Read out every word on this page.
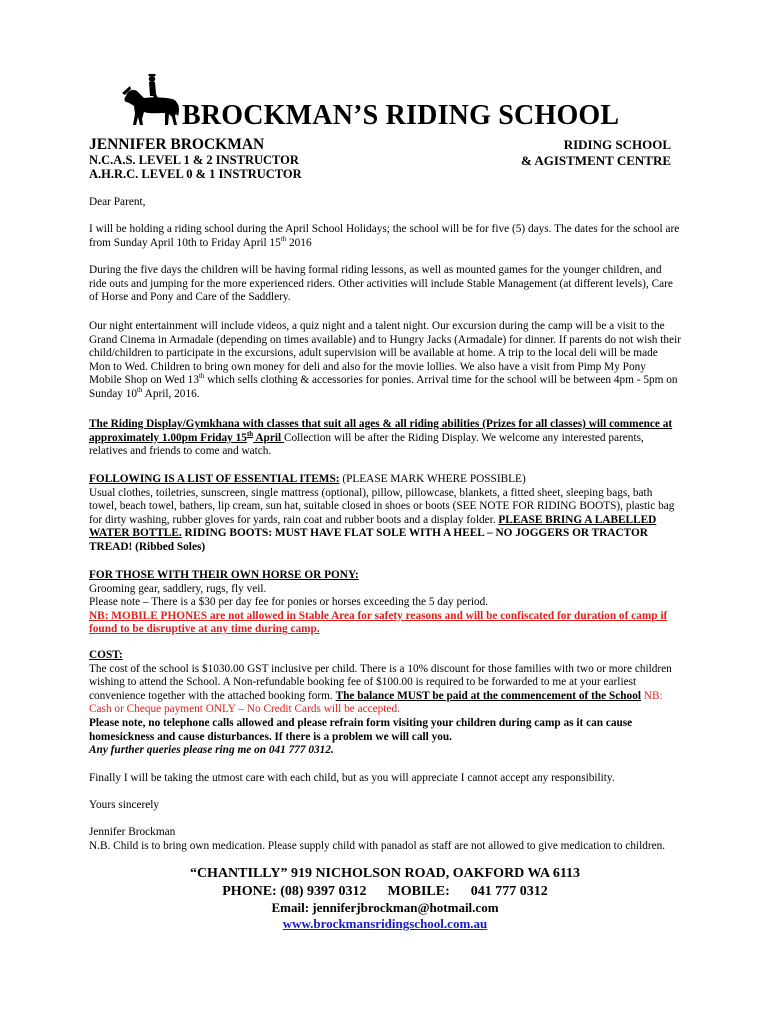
BROCKMAN’S RIDING SCHOOL
JENNIFER BROCKMAN
N.C.A.S. LEVEL 1 & 2 INSTRUCTOR
A.H.R.C. LEVEL 0 & 1 INSTRUCTOR
RIDING SCHOOL
& AGISTMENT CENTRE
Dear Parent,

I will be holding a riding school during the April School Holidays; the school will be for five (5) days. The dates for the school are from Sunday April 10th to Friday April 15th 2016

During the five days the children will be having formal riding lessons, as well as mounted games for the younger children, and ride outs and jumping for the more experienced riders. Other activities will include Stable Management (at different levels), Care of Horse and Pony and Care of the Saddlery.

Our night entertainment will include videos, a quiz night and a talent night. Our excursion during the camp will be a visit to the Grand Cinema in Armadale (depending on times available) and to Hungry Jacks (Armadale) for dinner. If parents do not wish their child/children to participate in the excursions, adult supervision will be available at home. A trip to the local deli will be made Mon to Wed. Children to bring own money for deli and also for the movie lollies. We also have a visit from Pimp My Pony Mobile Shop on Wed 13th which sells clothing & accessories for ponies. Arrival time for the school will be between 4pm - 5pm on Sunday 10th April, 2016.

The Riding Display/Gymkhana with classes that suit all ages & all riding abilities (Prizes for all classes) will commence at approximately 1.00pm Friday 15th April Collection will be after the Riding Display. We welcome any interested parents, relatives and friends to come and watch.

FOLLOWING IS A LIST OF ESSENTIAL ITEMS: (PLEASE MARK WHERE POSSIBLE)
Usual clothes, toiletries, sunscreen, single mattress (optional), pillow, pillowcase, blankets, a fitted sheet, sleeping bags, bath towel, beach towel, bathers, lip cream, sun hat, suitable closed in shoes or boots (SEE NOTE FOR RIDING BOOTS), plastic bag for dirty washing, rubber gloves for yards, rain coat and rubber boots and a display folder. PLEASE BRING A LABELLED WATER BOTTLE. RIDING BOOTS: MUST HAVE FLAT SOLE WITH A HEEL – NO JOGGERS OR TRACTOR TREAD! (Ribbed Soles)

FOR THOSE WITH THEIR OWN HORSE OR PONY:
Grooming gear, saddlery, rugs, fly veil.
Please note – There is a $30 per day fee for ponies or horses exceeding the 5 day period.
NB: MOBILE PHONES are not allowed in Stable Area for safety reasons and will be confiscated for duration of camp if found to be disruptive at any time during camp.

COST:
The cost of the school is $1030.00 GST inclusive per child. There is a 10% discount for those families with two or more children wishing to attend the School. A Non-refundable booking fee of $100.00 is required to be forwarded to me at your earliest convenience together with the attached booking form. The balance MUST be paid at the commencement of the School NB: Cash or Cheque payment ONLY – No Credit Cards will be accepted.
Please note, no telephone calls allowed and please refrain form visiting your children during camp as it can cause homesickness and cause disturbances. If there is a problem we will call you.
Any further queries please ring me on 041 777 0312.

Finally I will be taking the utmost care with each child, but as you will appreciate I cannot accept any responsibility.

Yours sincerely

Jennifer Brockman
N.B. Child is to bring own medication. Please supply child with panadol as staff are not allowed to give medication to children.

“CHANTILLY” 919 NICHOLSON ROAD, OAKFORD WA 6113
PHONE: (08) 9397 0312      MOBILE:      041 777 0312
Email: jenniferjbrockman@hotmail.com
www.brockmansridingschool.com.au
